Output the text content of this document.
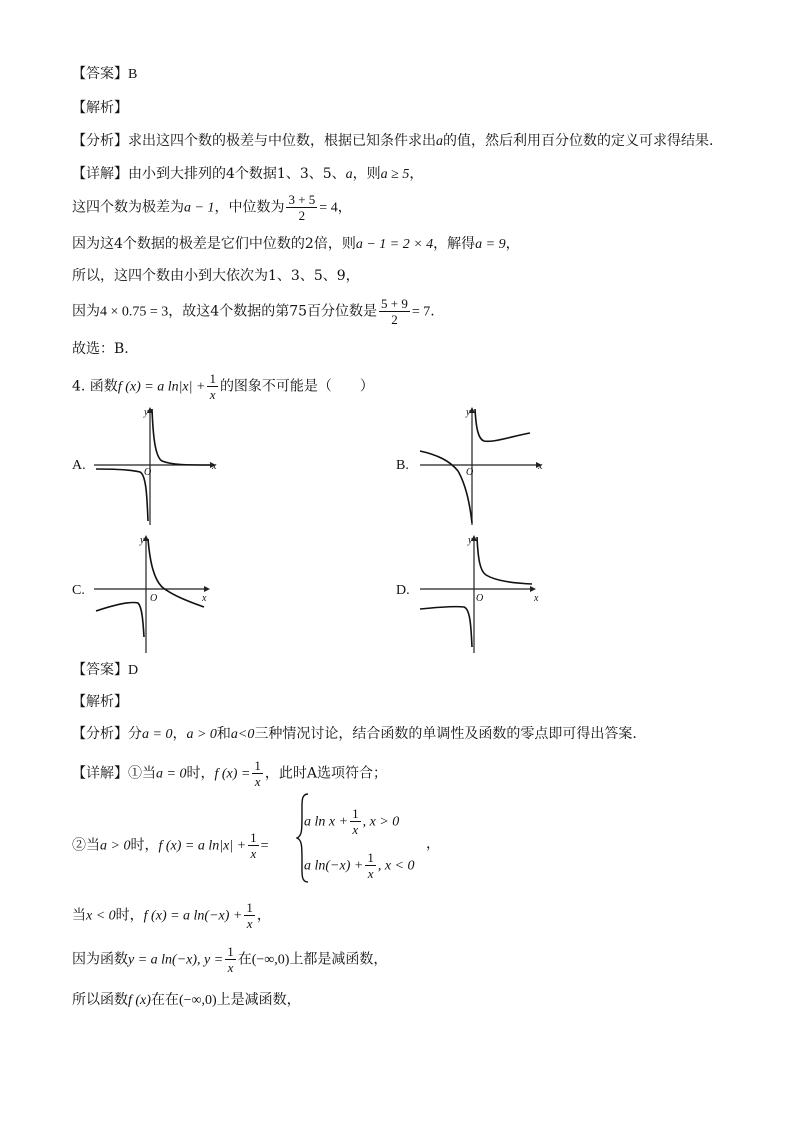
【答案】B
【解析】
【分析】求出这四个数的极差与中位数，根据已知条件求出a的值，然后利用百分位数的定义可求得结果.
【详解】由小到大排列的4个数据1、3、5、a，则a ≥ 5，
这四个数为极差为a − 1，中位数为 $\frac{3 + 5}{2} = 4$，
因为这4个数据的极差是它们中位数的2倍，则a − 1 = 2 × 4，解得a = 9，
所以，这四个数由小到大依次为1、3、5、9，
因为4 × 0.75 = 3，故这4个数据的第75百分位数是 $\frac{5 + 9}{2} = 7$.
故选：B.
4. 函数f (x) = a $\ln|x| + \frac{1}{x}$ 的图象不可能是（　　）
A.	B.
C.	D.
y
x
O
y
x
O
y
x
O
y
x
O
【答案】D
【解析】
【分析】分a = 0，a > 0和a<0三种情况讨论，结合函数的单调性及函数的零点即可得出答案.
【详解】①当a = 0时，f $(x) = \frac{1}{x}$ ，此时A选项符合；
②当a > 0时，f (x) = a $\ln|x| + \frac{1}{x}$ =
a $\ln x + \frac{1}{x}$ , x > 0
a $\ln(-x) + \frac{1}{x}$ , x < 0
，
当x < 0时，f (x) = a $\ln(-x) + \frac{1}{x}$ ，
因为函数y = a ln(−x), $y = \frac{1}{x}$ 在(−∞,0)上都是减函数，
所以函数f (x)在在(−∞,0)上是减函数，
